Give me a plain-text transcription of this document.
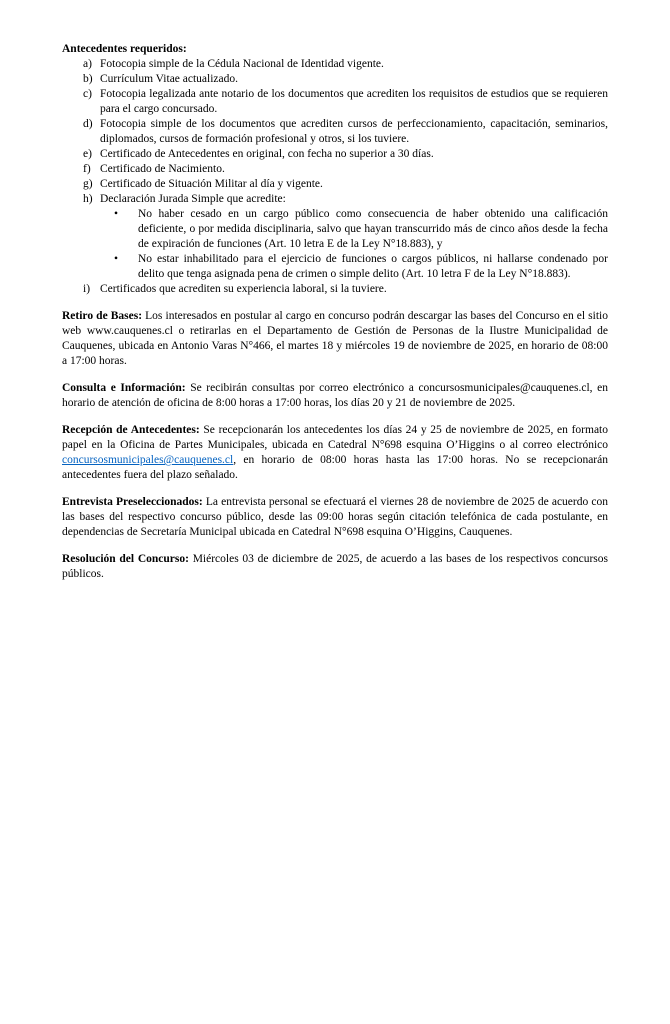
Antecedentes requeridos:
a) Fotocopia simple de la Cédula Nacional de Identidad vigente.
b) Currículum Vitae actualizado.
c) Fotocopia legalizada ante notario de los documentos que acrediten los requisitos de estudios que se requieren para el cargo concursado.
d) Fotocopia simple de los documentos que acrediten cursos de perfeccionamiento, capacitación, seminarios, diplomados, cursos de formación profesional y otros, si los tuviere.
e) Certificado de Antecedentes en original, con fecha no superior a 30 días.
f) Certificado de Nacimiento.
g) Certificado de Situación Militar al día y vigente.
h) Declaración Jurada Simple que acredite:
•	No haber cesado en un cargo público como consecuencia de haber obtenido una calificación deficiente, o por medida disciplinaria, salvo que hayan transcurrido más de cinco años desde la fecha de expiración de funciones (Art. 10 letra E de la Ley N°18.883), y
•	No estar inhabilitado para el ejercicio de funciones o cargos públicos, ni hallarse condenado por delito que tenga asignada pena de crimen o simple delito (Art. 10 letra F de la Ley N°18.883).
i) Certificados que acrediten su experiencia laboral, si la tuviere.

Retiro de Bases: Los interesados en postular al cargo en concurso podrán descargar las bases del Concurso en el sitio web www.cauquenes.cl o retirarlas en el Departamento de Gestión de Personas de la Ilustre Municipalidad de Cauquenes, ubicada en Antonio Varas N°466, el martes 18 y miércoles 19 de noviembre de 2025, en horario de 08:00 a 17:00 horas.

Consulta e Información: Se recibirán consultas por correo electrónico a concursosmunicipales@cauquenes.cl, en horario de atención de oficina de 8:00 horas a 17:00 horas, los días 20 y 21 de noviembre de 2025.

Recepción de Antecedentes: Se recepcionarán los antecedentes los días 24 y 25 de noviembre de 2025, en formato papel en la Oficina de Partes Municipales, ubicada en Catedral N°698 esquina O’Higgins o al correo electrónico concursosmunicipales@cauquenes.cl, en horario de 08:00 horas hasta las 17:00 horas. No se recepcionarán antecedentes fuera del plazo señalado.

Entrevista Preseleccionados: La entrevista personal se efectuará el viernes 28 de noviembre de 2025 de acuerdo con las bases del respectivo concurso público, desde las 09:00 horas según citación telefónica de cada postulante, en dependencias de Secretaría Municipal ubicada en Catedral N°698 esquina O’Higgins, Cauquenes.

Resolución del Concurso: Miércoles 03 de diciembre de 2025, de acuerdo a las bases de los respectivos concursos públicos.
